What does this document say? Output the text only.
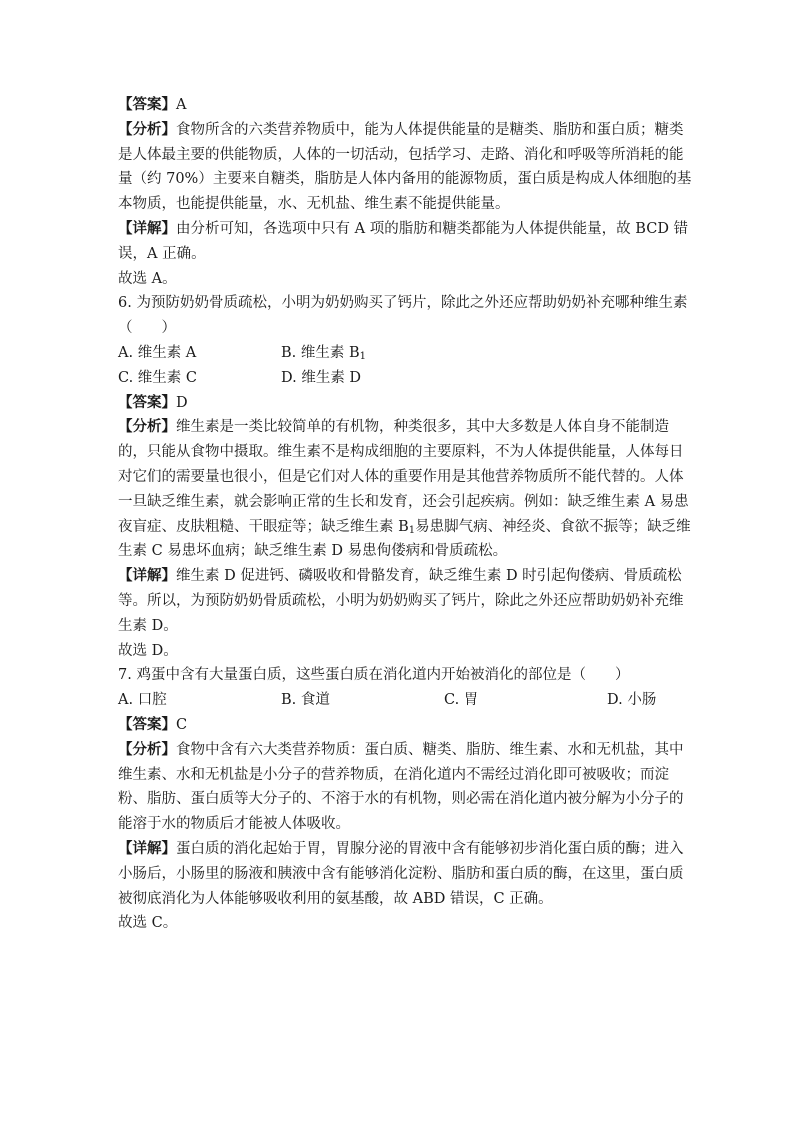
【答案】A
【分析】食物所含的六类营养物质中，能为人体提供能量的是糖类、脂肪和蛋白质；糖类
是人体最主要的供能物质，人体的一切活动，包括学习、走路、消化和呼吸等所消耗的能
量（约 70%）主要来自糖类，脂肪是人体内备用的能源物质，蛋白质是构成人体细胞的基
本物质，也能提供能量，水、无机盐、维生素不能提供能量。
【详解】由分析可知，各选项中只有 A 项的脂肪和糖类都能为人体提供能量，故 BCD 错
误，A 正确。
故选 A。
6. 为预防奶奶骨质疏松，小明为奶奶购买了钙片，除此之外还应帮助奶奶补充哪种维生素
（　　）
A. 维生素 A	B. 维生素 $B_1$
C. 维生素 C	D. 维生素 D
【答案】D
【分析】维生素是一类比较简单的有机物，种类很多，其中大多数是人体自身不能制造
的，只能从食物中摄取。维生素不是构成细胞的主要原料，不为人体提供能量，人体每日
对它们的需要量也很小，但是它们对人体的重要作用是其他营养物质所不能代替的。人体
一旦缺乏维生素，就会影响正常的生长和发育，还会引起疾病。例如：缺乏维生素 A 易患
夜盲症、皮肤粗糙、干眼症等；缺乏维生素 $B_1$易患脚气病、神经炎、食欲不振等；缺乏维
生素 C 易患坏血病；缺乏维生素 D 易患佝偻病和骨质疏松。
【详解】维生素 D 促进钙、磷吸收和骨骼发育，缺乏维生素 D 时引起佝偻病、骨质疏松
等。所以，为预防奶奶骨质疏松，小明为奶奶购买了钙片，除此之外还应帮助奶奶补充维
生素 D。
故选 D。
7. 鸡蛋中含有大量蛋白质，这些蛋白质在消化道内开始被消化的部位是（　　）
A. 口腔	B. 食道	C. 胃	D. 小肠
【答案】C
【分析】食物中含有六大类营养物质：蛋白质、糖类、脂肪、维生素、水和无机盐，其中
维生素、水和无机盐是小分子的营养物质，在消化道内不需经过消化即可被吸收；而淀
粉、脂肪、蛋白质等大分子的、不溶于水的有机物，则必需在消化道内被分解为小分子的
能溶于水的物质后才能被人体吸收。
【详解】蛋白质的消化起始于胃，胃腺分泌的胃液中含有能够初步消化蛋白质的酶；进入
小肠后，小肠里的肠液和胰液中含有能够消化淀粉、脂肪和蛋白质的酶，在这里，蛋白质
被彻底消化为人体能够吸收利用的氨基酸，故 ABD 错误，C 正确。
故选 C。
